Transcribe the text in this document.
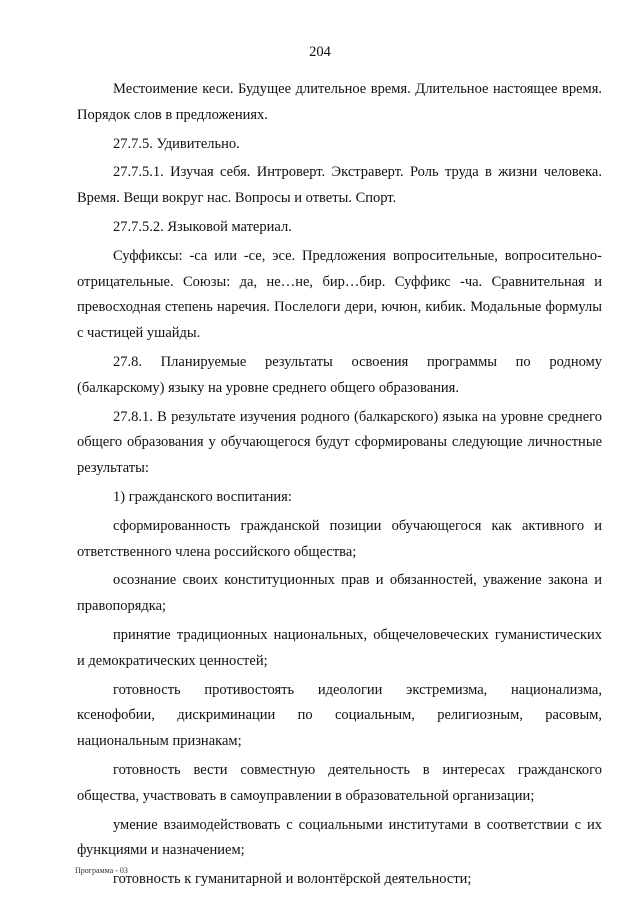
204

Местоимение кеси. Будущее длительное время. Длительное настоящее время. Порядок слов в предложениях.

27.7.5. Удивительно.

27.7.5.1. Изучая себя. Интроверт. Экстраверт. Роль труда в жизни человека. Время. Вещи вокруг нас. Вопросы и ответы. Спорт.

27.7.5.2. Языковой материал.

Суффиксы: -са или -се, эсе. Предложения вопросительные, вопросительно-отрицательные. Союзы: да, не…не, бир…бир. Суффикс -ча. Сравнительная и превосходная степень наречия. Послелоги дери, ючюн, кибик. Модальные формулы с частицей ушайды.

27.8. Планируемые результаты освоения программы по родному (балкарскому) языку на уровне среднего общего образования.

27.8.1. В результате изучения родного (балкарского) языка на уровне среднего общего образования у обучающегося будут сформированы следующие личностные результаты:

1) гражданского воспитания:

сформированность гражданской позиции обучающегося как активного и ответственного члена российского общества;

осознание своих конституционных прав и обязанностей, уважение закона и правопорядка;

принятие традиционных национальных, общечеловеческих гуманистических и демократических ценностей;

готовность противостоять идеологии экстремизма, национализма, ксенофобии, дискриминации по социальным, религиозным, расовым, национальным признакам;

готовность вести совместную деятельность в интересах гражданского общества, участвовать в самоуправлении в образовательной организации;

умение взаимодействовать с социальными институтами в соответствии с их функциями и назначением;

готовность к гуманитарной и волонтёрской деятельности;

Программа - 03
